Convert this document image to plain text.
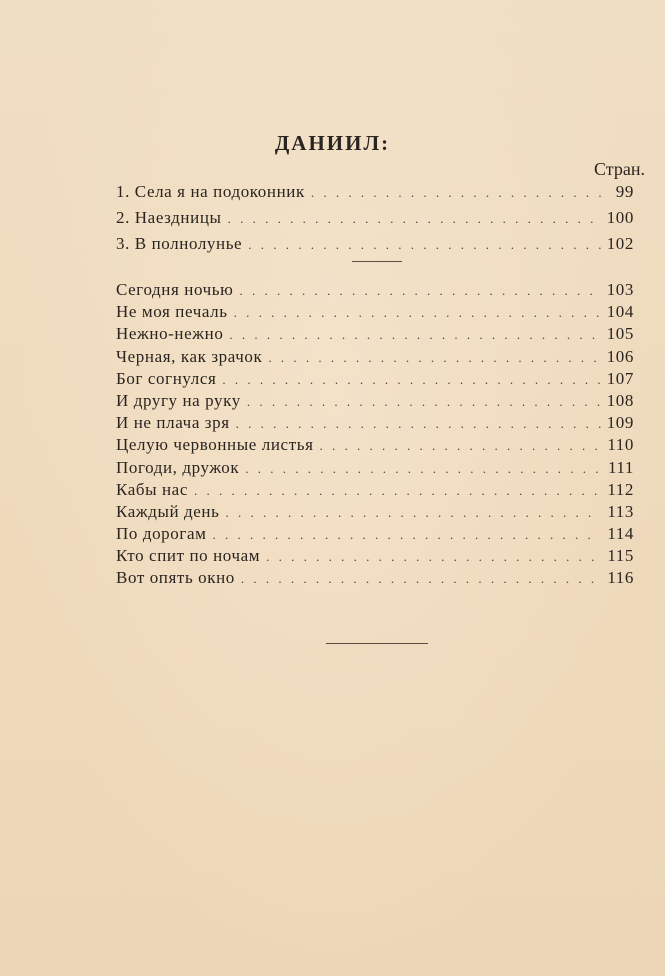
ДАНИИЛ:
Стран.
1. Села я на подоконник . . .	99
2. Наездницы . . .	100
3. В полнолунье . . .	102
Сегодня ночью . . .	103
Не моя печаль . . .	104
Нежно-нежно . . .	105
Черная, как зрачок . . .	106
Бог согнулся . . .	107
И другу на руку . . .	108
И не плача зря . . .	109
Целую червонные листья . . .	110
Погоди, дружок . . .	111
Кабы нас . . .	112
Каждый день . . .	113
По дорогам . . .	114
Кто спит по ночам . . .	115
Вот опять окно . . .	116
